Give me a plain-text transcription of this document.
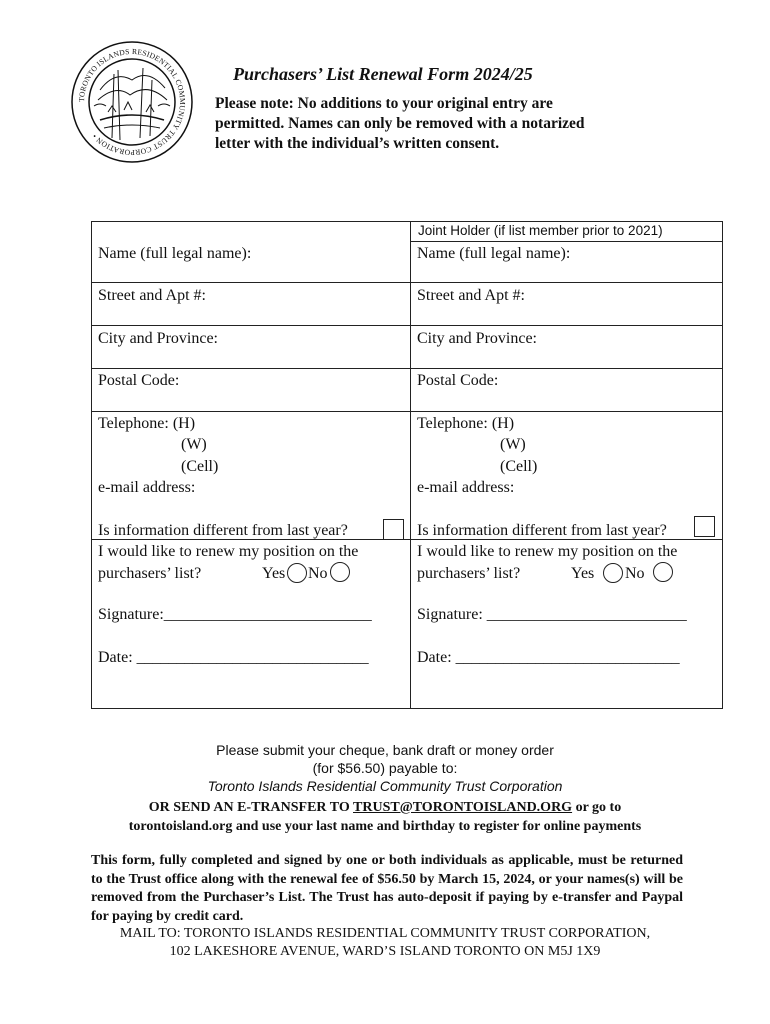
TORONTO ISLANDS RESIDENTIAL COMMUNITY TRUST CORPORATION •
Purchasers’ List Renewal Form 2024/25
Please note: No additions to your original entry are
permitted. Names can only be removed with a notarized
letter with the individual’s written consent.
Joint Holder (if list member prior to 2021)
Name (full legal name):
Street and Apt #:
City and Province:
Postal Code:
Telephone: (H)
(W)
(Cell)
e-mail address:
Is information different from last year?
I would like to renew my position on the
purchasers’ list?	Yes No
Signature:__________________________
Date: _____________________________
Name (full legal name):
Street and Apt #:
City and Province:
Postal Code:
Telephone: (H)
(W)
(Cell)
e-mail address:
Is information different from last year?
I would like to renew my position on the
purchasers’ list?	Yes No
Signature: _________________________
Date: ____________________________
Please submit your cheque, bank draft or money order
(for $56.50) payable to:
Toronto Islands Residential Community Trust Corporation
OR SEND AN E-TRANSFER TO TRUST@TORONTOISLAND.ORG or go to
torontoisland.org and use your last name and birthday to register for online payments
This form, fully completed and signed by one or both individuals as applicable, must be returned to the Trust office along with the renewal fee of $56.50 by March 15, 2024, or your names(s) will be removed from the Purchaser’s List. The Trust has auto-deposit if paying by e-transfer and Paypal for paying by credit card.
MAIL TO: TORONTO ISLANDS RESIDENTIAL COMMUNITY TRUST CORPORATION,
102 LAKESHORE AVENUE, WARD’S ISLAND TORONTO ON M5J 1X9
